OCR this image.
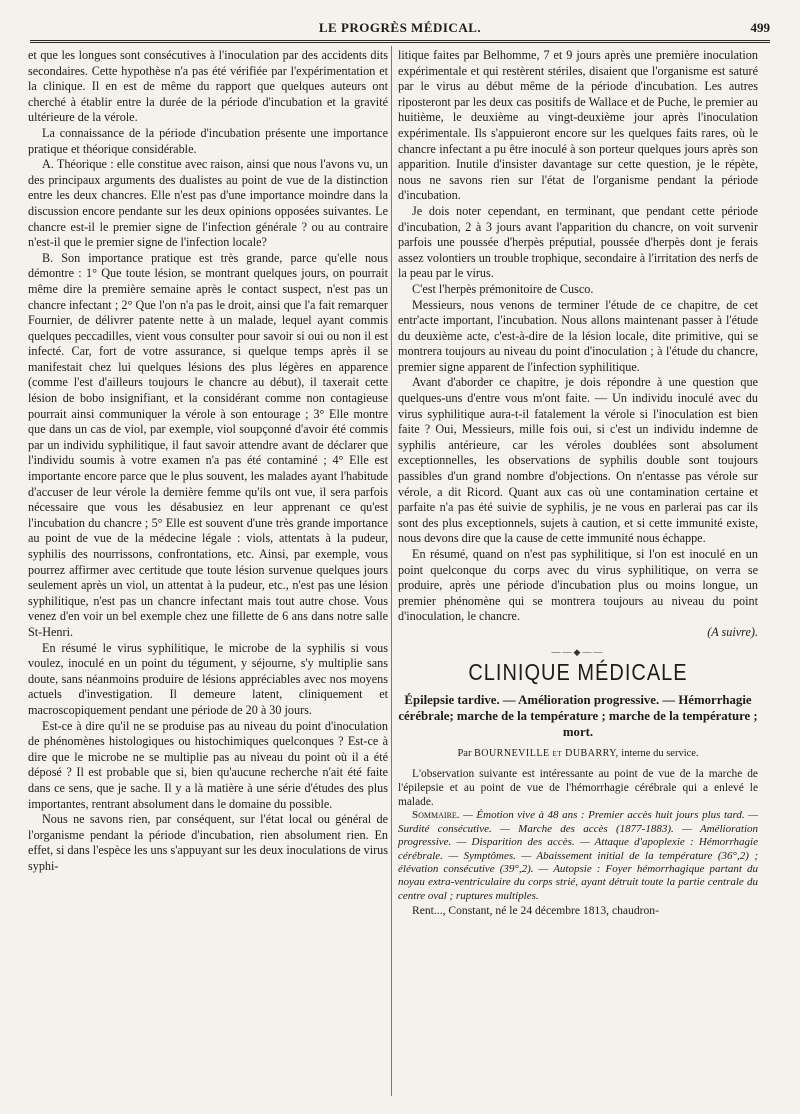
LE PROGRÈS MÉDICAL.	499

et que les longues sont consécutives à l'inoculation par des accidents dits secondaires. Cette hypothèse n'a pas été vérifiée par l'expérimentation et la clinique. Il en est de même du rapport que quelques auteurs ont cherché à établir entre la durée de la période d'incubation et la gravité ultérieure de la vérole.

La connaissance de la période d'incubation présente une importance pratique et théorique considérable.

A. Théorique : elle constitue avec raison, ainsi que nous l'avons vu, un des principaux arguments des dualistes au point de vue de la distinction entre les deux chancres. Elle n'est pas d'une importance moindre dans la discussion encore pendante sur les deux opinions opposées suivantes. Le chancre est-il le premier signe de l'infection générale ? ou au contraire n'est-il que le premier signe de l'infection locale?

B. Son importance pratique est très grande, parce qu'elle nous démontre : 1° Que toute lésion, se montrant quelques jours, on pourrait même dire la première semaine après le contact suspect, n'est pas un chancre infectant ; 2° Que l'on n'a pas le droit, ainsi que l'a fait remarquer Fournier, de délivrer patente nette à un malade, lequel ayant commis quelques peccadilles, vient vous consulter pour savoir si oui ou non il est infecté. Car, fort de votre assurance, si quelque temps après il se manifestait chez lui quelques lésions des plus légères en apparence (comme l'est d'ailleurs toujours le chancre au début), il taxerait cette lésion de bobo insignifiant, et la considérant comme non contagieuse pourrait ainsi communiquer la vérole à son entourage ; 3° Elle montre que dans un cas de viol, par exemple, viol soupçonné d'avoir été commis par un individu syphilitique, il faut savoir attendre avant de déclarer que l'individu soumis à votre examen n'a pas été contaminé ; 4° Elle est importante encore parce que le plus souvent, les malades ayant l'habitude d'accuser de leur vérole la dernière femme qu'ils ont vue, il sera parfois nécessaire que vous les désabusiez en leur apprenant ce qu'est l'incubation du chancre ; 5° Elle est souvent d'une très grande importance au point de vue de la médecine légale : viols, attentats à la pudeur, syphilis des nourrissons, confrontations, etc. Ainsi, par exemple, vous pourrez affirmer avec certitude que toute lésion survenue quelques jours seulement après un viol, un attentat à la pudeur, etc., n'est pas une lésion syphilitique, n'est pas un chancre infectant mais tout autre chose. Vous venez d'en voir un bel exemple chez une fillette de 6 ans dans notre salle St-Henri.

En résumé le virus syphilitique, le microbe de la syphilis si vous voulez, inoculé en un point du tégument, y séjourne, s'y multiplie sans doute, sans néanmoins produire de lésions appréciables avec nos moyens actuels d'investigation. Il demeure latent, cliniquement et macroscopiquement pendant une période de 20 à 30 jours.

Est-ce à dire qu'il ne se produise pas au niveau du point d'inoculation de phénomènes histologiques ou histochimiques quelconques ? Est-ce à dire que le microbe ne se multiplie pas au niveau du point où il a été déposé ? Il est probable que si, bien qu'aucune recherche n'ait été faite dans ce sens, que je sache. Il y a là matière à une série d'études des plus importantes, rentrant absolument dans le domaine du possible.

Nous ne savons rien, par conséquent, sur l'état local ou général de l'organisme pendant la période d'incubation, rien absolument rien. En effet, si dans l'espèce les uns s'appuyant sur les deux inoculations de virus syphi-

litique faites par Belhomme, 7 et 9 jours après une première inoculation expérimentale et qui restèrent stériles, disaient que l'organisme est saturé par le virus au début même de la période d'incubation. Les autres riposteront par les deux cas positifs de Wallace et de Puche, le premier au huitième, le deuxième au vingt-deuxième jour après l'inoculation expérimentale. Ils s'appuieront encore sur les quelques faits rares, où le chancre infectant a pu être inoculé à son porteur quelques jours après son apparition. Inutile d'insister davantage sur cette question, je le répète, nous ne savons rien sur l'état de l'organisme pendant la période d'incubation.

Je dois noter cependant, en terminant, que pendant cette période d'incubation, 2 à 3 jours avant l'apparition du chancre, on voit survenir parfois une poussée d'herpès préputial, poussée d'herpès dont je ferais assez volontiers un trouble trophique, secondaire à l'irritation des nerfs de la peau par le virus.

C'est l'herpès prémonitoire de Cusco.

Messieurs, nous venons de terminer l'étude de ce chapitre, de cet entr'acte important, l'incubation. Nous allons maintenant passer à l'étude du deuxième acte, c'est-à-dire de la lésion locale, dite primitive, qui se montrera toujours au niveau du point d'inoculation ; à l'étude du chancre, premier signe apparent de l'infection syphilitique.

Avant d'aborder ce chapitre, je dois répondre à une question que quelques-uns d'entre vous m'ont faite. — Un individu inoculé avec du virus syphilitique aura-t-il fatalement la vérole si l'inoculation est bien faite ? Oui, Messieurs, mille fois oui, si c'est un individu indemne de syphilis antérieure, car les véroles doublées sont absolument exceptionnelles, les observations de syphilis double sont toujours passibles d'un grand nombre d'objections. On n'entasse pas vérole sur vérole, a dit Ricord. Quant aux cas où une contamination certaine et parfaite n'a pas été suivie de syphilis, je ne vous en parlerai pas car ils sont des plus exceptionnels, sujets à caution, et si cette immunité existe, nous devons dire que la cause de cette immunité nous échappe.

En résumé, quand on n'est pas syphilitique, si l'on est inoculé en un point quelconque du corps avec du virus syphilitique, on verra se produire, après une période d'incubation plus ou moins longue, un premier phénomène qui se montrera toujours au niveau du point d'inoculation, le chancre.

(A suivre).
――◆――
CLINIQUE MÉDICALE
Épilepsie tardive. — Amélioration progressive. — Hémorrhagie cérébrale; marche de la température ; marche de la température ; mort.
Par BOURNEVILLE et DUBARRY, interne du service.

L'observation suivante est intéressante au point de vue de la marche de l'épilepsie et au point de vue de l'hémorrhagie cérébrale qui a enlevé le malade.

Sommaire. — Émotion vive à 48 ans : Premier accès huit jours plus tard. — Surdité consécutive. — Marche des accès (1877-1883). — Amélioration progressive. — Disparition des accès. — Attaque d'apoplexie : Hémorrhagie cérébrale. — Symptômes. — Abaissement initial de la température (36°,2) ; élévation consécutive (39°,2). — Autopsie : Foyer hémorrhagique partant du noyau extra-ventriculaire du corps strié, ayant détruit toute la partie centrale du centre oval ; ruptures multiples.

Rent..., Constant, né le 24 décembre 1813, chaudron-
